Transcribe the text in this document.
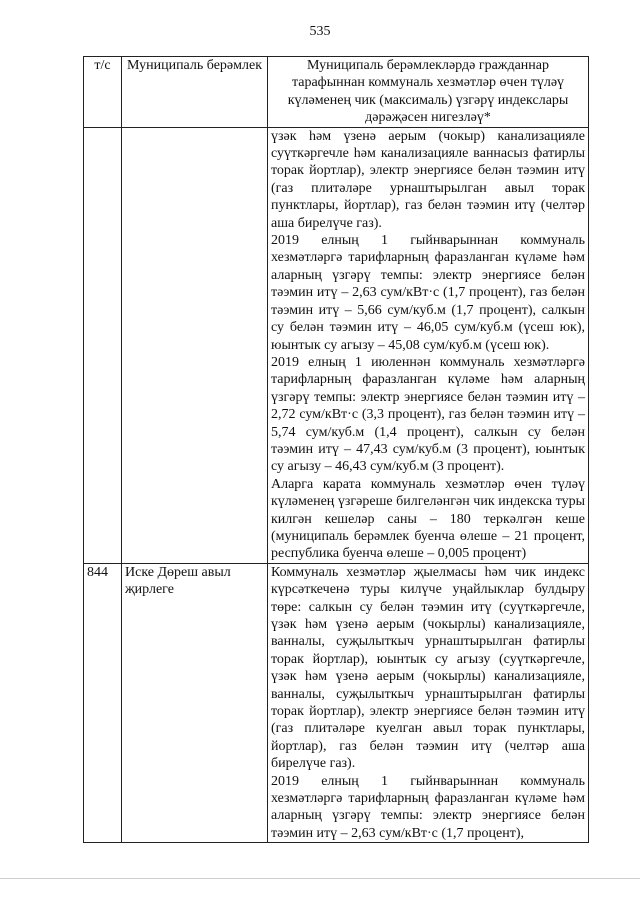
535
т/с	Муниципаль берәмлек	Муниципаль берәмлекләрдә гражданнар тарафыннан коммуналь хезмәтләр өчен түләү күләменең чик (максималь) үзгәрү индекслары дәрәҗәсен нигезләү*

		үзәк һәм үзенә аерым (чокыр) канализацияле суүткәргечле һәм канализацияле ваннасыз фатирлы торак йортлар), электр энергиясе белән тәэмин итү (газ плитәләре урнаштырылган авыл торак пунктлары, йортлар), газ белән тәэмин итү (челтәр аша бирелүче газ).

2019 елның 1 гыйнварыннан коммуналь хезмәтләргә тарифларның фаразланган күләме һәм аларның үзгәрү темпы: электр энергиясе белән тәэмин итү – 2,63 сум/кВт·с (1,7 процент), газ белән тәэмин итү – 5,66 сум/куб.м (1,7 процент), салкын су белән тәэмин итү – 46,05 сум/куб.м (үсеш юк), юынтык су агызу – 45,08 сум/куб.м (үсеш юк).

2019 елның 1 июленнән коммуналь хезмәтләргә тарифларның фаразланган күләме һәм аларның үзгәрү темпы: электр энергиясе белән тәэмин итү – 2,72 сум/кВт·с (3,3 процент), газ белән тәэмин итү – 5,74 сум/куб.м (1,4 процент), салкын су белән тәэмин итү – 47,43 сум/куб.м (3 процент), юынтык су агызу – 46,43 сум/куб.м (3 процент).

Аларга карата коммуналь хезмәтләр өчен түләү күләменең үзгәреше билгеләнгән чик индекска туры килгән кешеләр саны – 180 теркәлгән кеше (муниципаль берәмлек буенча өлеше – 21 процент, республика буенча өлеше – 0,005 процент)

844	Иске Дөреш авыл җирлеге	Коммуналь хезмәтләр җыелмасы һәм чик индекс күрсәткеченә туры килүче уңайлыклар булдыру төре: салкын су белән тәэмин итү (суүткәргечле, үзәк һәм үзенә аерым (чокырлы) канализацияле, ванналы, суҗылыткыч урнаштырылган фатирлы торак йортлар), юынтык су агызу (суүткәргечле, үзәк һәм үзенә аерым (чокырлы) канализацияле, ванналы, суҗылыткыч урнаштырылган фатирлы торак йортлар), электр энергиясе белән тәэмин итү (газ плитәләре куелган авыл торак пунктлары, йортлар), газ белән тәэмин итү (челтәр аша бирелүче газ).

2019 елның 1 гыйнварыннан коммуналь хезмәтләргә тарифларның фаразланган күләме һәм аларның үзгәрү темпы: электр энергиясе белән тәэмин итү – 2,63 сум/кВт·с (1,7 процент),
